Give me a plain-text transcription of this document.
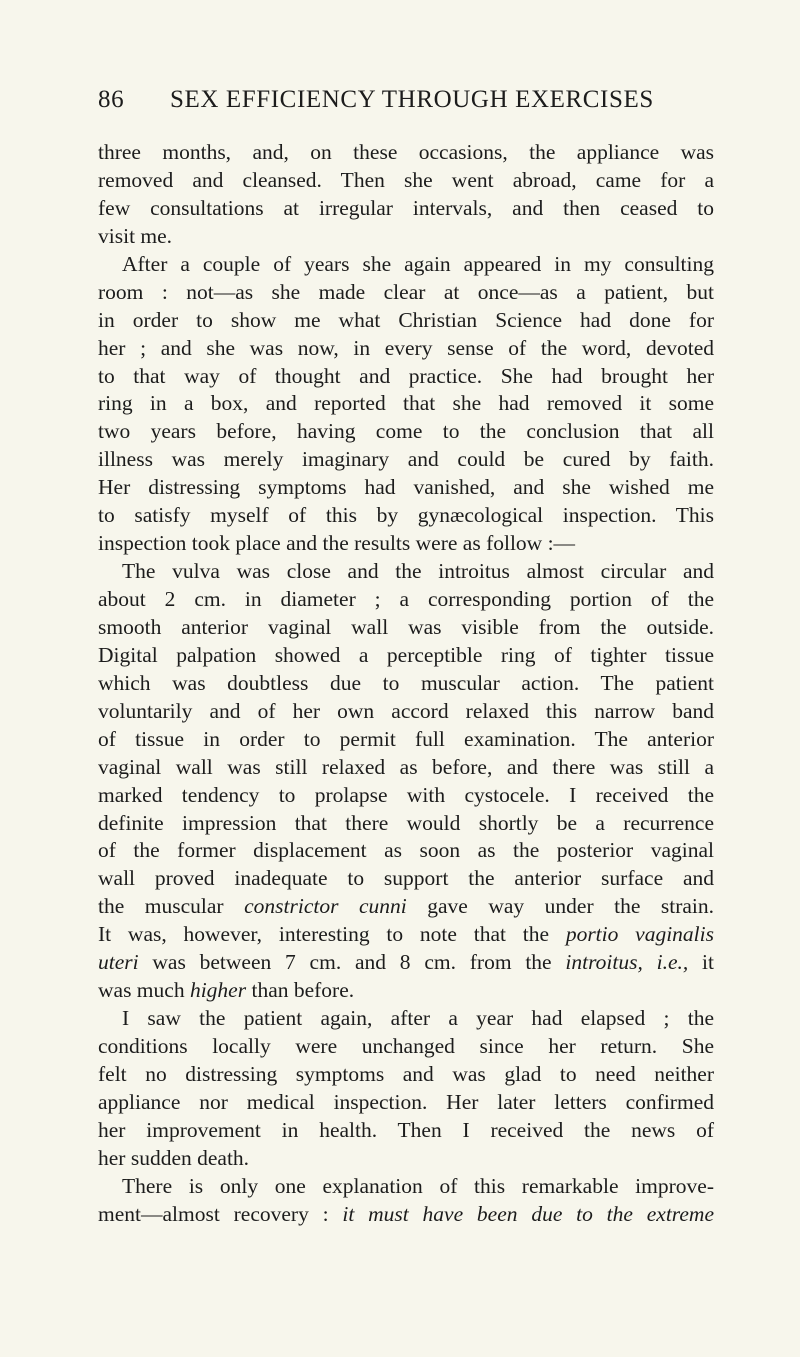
86 SEX EFFICIENCY THROUGH EXERCISES
three months, and, on these occasions, the appliance was
removed and cleansed. Then she went abroad, came for a
few consultations at irregular intervals, and then ceased to
visit me.
After a couple of years she again appeared in my consulting
room : not—as she made clear at once—as a patient, but
in order to show me what Christian Science had done for
her ; and she was now, in every sense of the word, devoted
to that way of thought and practice. She had brought her
ring in a box, and reported that she had removed it some
two years before, having come to the conclusion that all
illness was merely imaginary and could be cured by faith.
Her distressing symptoms had vanished, and she wished me
to satisfy myself of this by gynæcological inspection. This
inspection took place and the results were as follow :—
The vulva was close and the introitus almost circular and
about 2 cm. in diameter ; a corresponding portion of the
smooth anterior vaginal wall was visible from the outside.
Digital palpation showed a perceptible ring of tighter tissue
which was doubtless due to muscular action. The patient
voluntarily and of her own accord relaxed this narrow band
of tissue in order to permit full examination. The anterior
vaginal wall was still relaxed as before, and there was still a
marked tendency to prolapse with cystocele. I received the
definite impression that there would shortly be a recurrence
of the former displacement as soon as the posterior vaginal
wall proved inadequate to support the anterior surface and
the muscular constrictor cunni gave way under the strain.
It was, however, interesting to note that the portio vaginalis
uteri was between 7 cm. and 8 cm. from the introitus, i.e., it
was much higher than before.
I saw the patient again, after a year had elapsed ; the
conditions locally were unchanged since her return. She
felt no distressing symptoms and was glad to need neither
appliance nor medical inspection. Her later letters confirmed
her improvement in health. Then I received the news of
her sudden death.
There is only one explanation of this remarkable improve-
ment—almost recovery : it must have been due to the extreme
